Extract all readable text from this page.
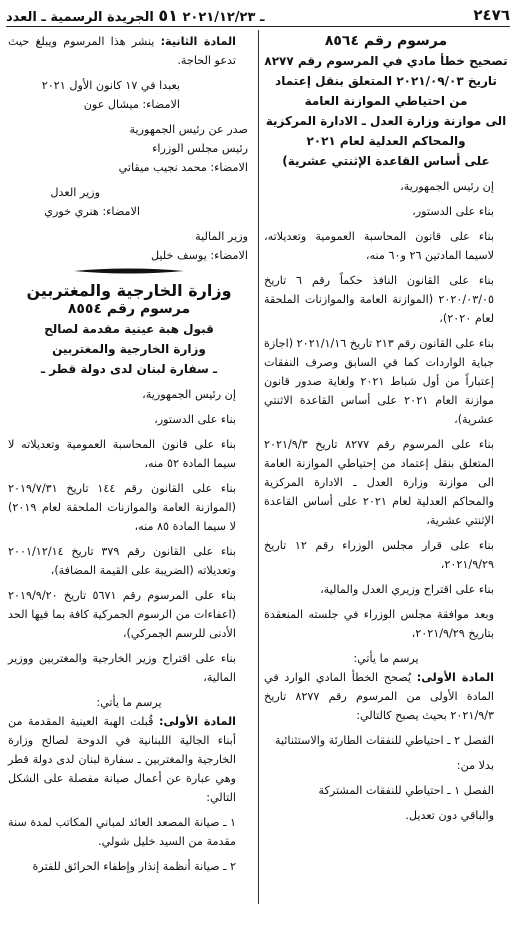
ـ ٢٠٢١/١٢/٢٣ ٥١ الجريدة الرسمية ـ العدد	٢٤٧٦

مرسوم رقم ٨٥٦٤

تصحيح خطأ مادي في المرسوم رقم ٨٢٧٧

تاريخ ٢٠٢١/٠٩/٠٣ المتعلق بنقل إعتماد

من احتياطي الموازنة العامة

الى موازنة وزارة العدل ـ الادارة المركزية

والمحاكم العدلية لعام ٢٠٢١

على أساس القاعدة الإثنتي عشرية)

إن رئيس الجمهورية،

بناء على الدستور،

بناء على قانون المحاسبة العمومية وتعديلاته، لاسيما المادتين ٢٦ و٦٠ منه،

بناء على القانون النافذ حكماً رقم ٦ تاريخ ٢٠٢٠/٠٣/٠٥ (الموازنة العامة والموازنات الملحقة لعام ٢٠٢٠)،

بناء على القانون رقم ٢١٣ تاريخ ٢٠٢١/١/١٦ (اجازة جباية الواردات كما في السابق وصرف النفقات إعتباراً من أول شباط ٢٠٢١ ولغاية صدور قانون موازنة العام ٢٠٢١ على أساس القاعدة الاثنتي عشرية)،

بناء على المرسوم رقم ٨٢٧٧ تاريخ ٢٠٢١/٩/٣ المتعلق بنقل إعتماد من إحتياطي الموازنة العامة الى موازنة وزارة العدل ـ الادارة المركزية والمحاكم العدلية لعام ٢٠٢١ على أساس القاعدة الإثنتي عشرية،

بناء على قرار مجلس الوزراء رقم ١٢ تاريخ ٢٠٢١/٩/٢٩،

بناء على اقتراح وزيري العدل والمالية،

وبعد موافقة مجلس الوزراء في جلسته المنعقدة بتاريخ ٢٠٢١/٩/٢٩،

يرسم ما يأتي:

المادة الأولى: يُصحح الخطأ المادي الوارد في المادة الأولى من المرسوم رقم ٨٢٧٧ تاريخ ٢٠٢١/٩/٣ بحيث يصبح كالتالي:

الفصل ٢ ـ احتياطي للنفقات الطارئة والاستثنائية

بدلا من:

الفصل ١ ـ احتياطي للنفقات المشتركة

والباقي دون تعديل.

المادة الثانية: ينشر هذا المرسوم ويبلغ حيث تدعو الحاجة.

بعبدا في ١٧ كانون الأول ٢٠٢١

الامضاء: ميشال عون

صدر عن رئيس الجمهورية

رئيس مجلس الوزراء

الامضاء: محمد نجيب ميقاتي

وزير العدل

الامضاء: هنري خوري

وزير المالية

الامضاء: يوسف خليل

وزارة الخارجية والمغتربين

مرسوم رقم ٨٥٥٤

قبول هبة عينية مقدمة لصالح

وزارة الخارجية والمغتربين

ـ سفارة لبنان لدى دولة قطر ـ

إن رئيس الجمهورية،

بناء على الدستور،

بناء على قانون المحاسبة العمومية وتعديلاته لا سيما المادة ٥٢ منه،

بناء على القانون رقم ١٤٤ تاريخ ٢٠١٩/٧/٣١ (الموازنة العامة والموازنات الملحقة لعام ٢٠١٩) لا سيما المادة ٨٥ منه،

بناء على القانون رقم ٣٧٩ تاريخ ٢٠٠١/١٢/١٤ وتعديلاته (الضريبة على القيمة المضافة)،

بناء على المرسوم رقم ٥٦٧١ تاريخ ٢٠١٩/٩/٢٠ (اعفاءات من الرسوم الجمركية كافة بما فيها الحد الأدنى للرسم الجمركي)،

بناء على اقتراح وزير الخارجية والمغتربين ووزير المالية،

يرسم ما يأتي:

المادة الأولى: قُبلت الهبة العينية المقدمة من أبناء الجالية اللبنانية في الدوحة لصالح وزارة الخارجية والمغتربين ـ سفارة لبنان لدى دولة قطر وهي عبارة عن أعمال صيانة مفصلة على الشكل التالي:

١ ـ صيانة المصعد العائد لمباني المكاتب لمدة سنة مقدمة من السيد خليل شولي.

٢ ـ صيانة أنظمة إنذار وإطفاء الحرائق للفترة
